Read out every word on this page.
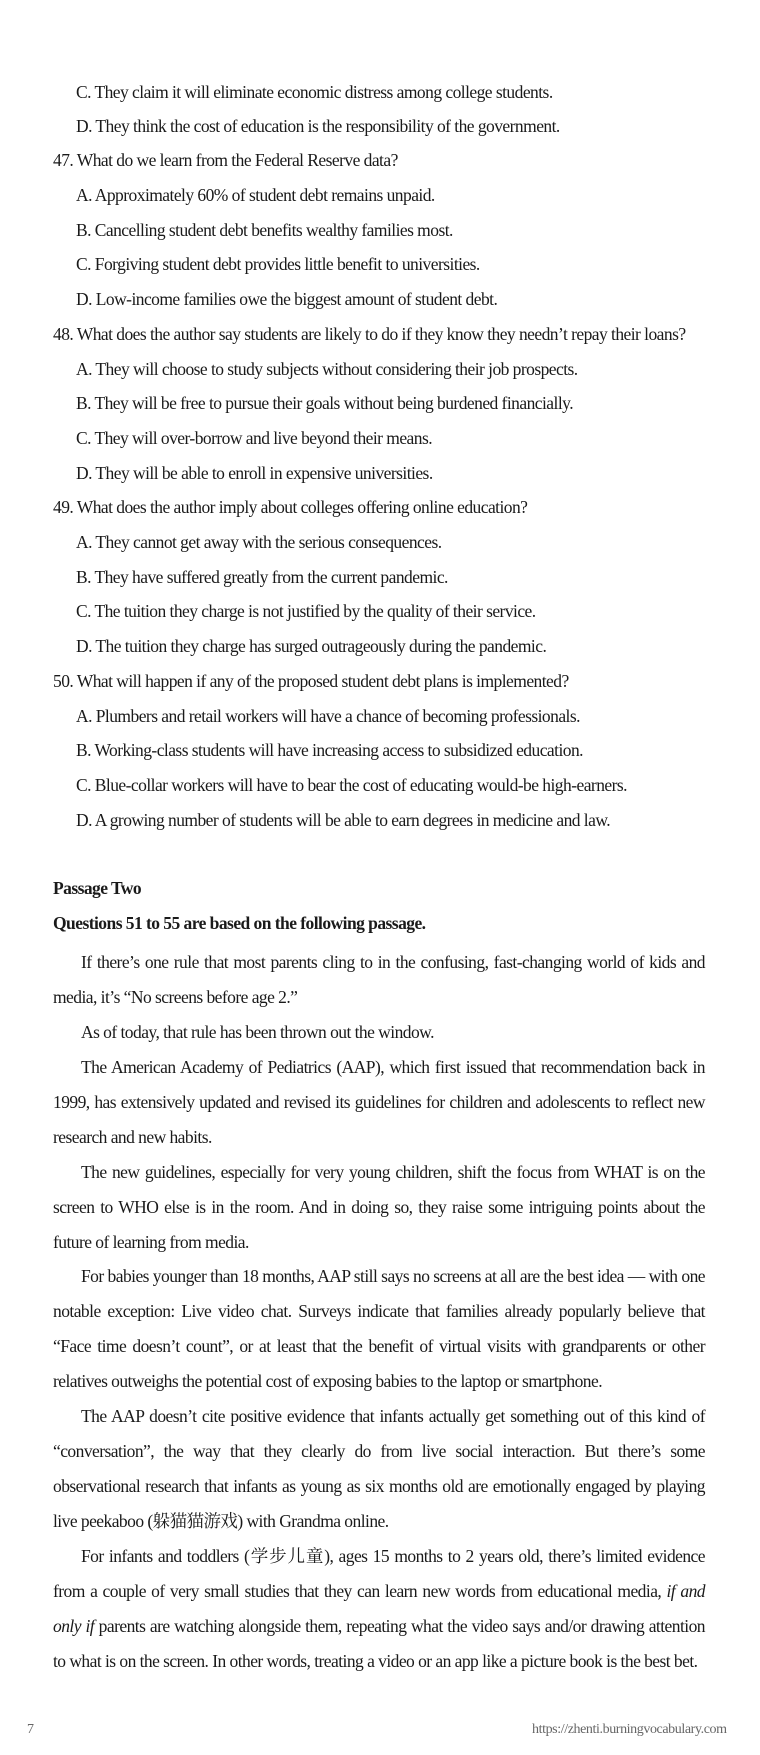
C. They claim it will eliminate economic distress among college students.
D. They think the cost of education is the responsibility of the government.
47. What do we learn from the Federal Reserve data?
A. Approximately 60% of student debt remains unpaid.
B. Cancelling student debt benefits wealthy families most.
C. Forgiving student debt provides little benefit to universities.
D. Low-income families owe the biggest amount of student debt.
48. What does the author say students are likely to do if they know they needn’t repay their loans?
A. They will choose to study subjects without considering their job prospects.
B. They will be free to pursue their goals without being burdened financially.
C. They will over-borrow and live beyond their means.
D. They will be able to enroll in expensive universities.
49. What does the author imply about colleges offering online education?
A. They cannot get away with the serious consequences.
B. They have suffered greatly from the current pandemic.
C. The tuition they charge is not justified by the quality of their service.
D. The tuition they charge has surged outrageously during the pandemic.
50. What will happen if any of the proposed student debt plans is implemented?
A. Plumbers and retail workers will have a chance of becoming professionals.
B. Working-class students will have increasing access to subsidized education.
C. Blue-collar workers will have to bear the cost of educating would-be high-earners.
D. A growing number of students will be able to earn degrees in medicine and law.
Passage Two
Questions 51 to 55 are based on the following passage.
If there’s one rule that most parents cling to in the confusing, fast-changing world of kids and media, it’s “No screens before age 2.”
As of today, that rule has been thrown out the window.
The American Academy of Pediatrics (AAP), which first issued that recommendation back in 1999, has extensively updated and revised its guidelines for children and adolescents to reflect new research and new habits.
The new guidelines, especially for very young children, shift the focus from WHAT is on the screen to WHO else is in the room. And in doing so, they raise some intriguing points about the future of learning from media.
For babies younger than 18 months, AAP still says no screens at all are the best idea — with one notable exception: Live video chat. Surveys indicate that families already popularly believe that “Face time doesn’t count”, or at least that the benefit of virtual visits with grandparents or other relatives outweighs the potential cost of exposing babies to the laptop or smartphone.
The AAP doesn’t cite positive evidence that infants actually get something out of this kind of “conversation”, the way that they clearly do from live social interaction. But there’s some observational research that infants as young as six months old are emotionally engaged by playing live peekaboo (躲猫猫游戏) with Grandma online.
For infants and toddlers (学步儿童), ages 15 months to 2 years old, there’s limited evidence from a couple of very small studies that they can learn new words from educational media, if and only if parents are watching alongside them, repeating what the video says and/or drawing attention to what is on the screen. In other words, treating a video or an app like a picture book is the best bet.
7	https://zhenti.burningvocabulary.com
